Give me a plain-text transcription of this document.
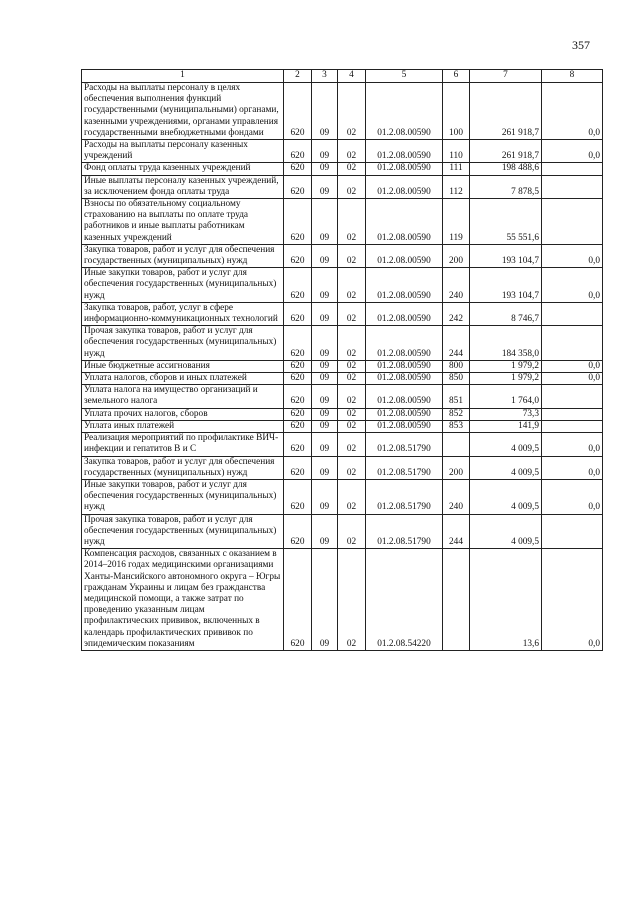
357
1	2	3	4	5	6	7	8

Расходы на выплаты персоналу в целях обеспечения выполнения функций государственными (муниципальными) органами, казенными учреждениями, органами управления государственными внебюджетными фондами	620	09	02	01.2.08.00590	100	261 918,7	0,0

Расходы на выплаты персоналу казенных учреждений	620	09	02	01.2.08.00590	110	261 918,7	0,0

Фонд оплаты труда казенных учреждений	620	09	02	01.2.08.00590	111	198 488,6	

Иные выплаты персоналу казенных учреждений, за исключением фонда оплаты труда	620	09	02	01.2.08.00590	112	7 878,5	

Взносы по обязательному социальному страхованию на выплаты по оплате труда работников и иные выплаты работникам казенных учреждений	620	09	02	01.2.08.00590	119	55 551,6	

Закупка товаров, работ и услуг для обеспечения государственных (муниципальных) нужд	620	09	02	01.2.08.00590	200	193 104,7	0,0

Иные закупки товаров, работ и услуг для обеспечения государственных (муниципальных) нужд	620	09	02	01.2.08.00590	240	193 104,7	0,0

Закупка товаров, работ, услуг в сфере информационно-коммуникационных технологий	620	09	02	01.2.08.00590	242	8 746,7	

Прочая закупка товаров, работ и услуг для обеспечения государственных (муниципальных) нужд	620	09	02	01.2.08.00590	244	184 358,0	

Иные бюджетные ассигнования	620	09	02	01.2.08.00590	800	1 979,2	0,0

Уплата налогов, сборов и иных платежей	620	09	02	01.2.08.00590	850	1 979,2	0,0

Уплата налога на имущество организаций и земельного налога	620	09	02	01.2.08.00590	851	1 764,0	

Уплата прочих налогов, сборов	620	09	02	01.2.08.00590	852	73,3	

Уплата иных платежей	620	09	02	01.2.08.00590	853	141,9	

Реализация мероприятий по профилактике ВИЧ-инфекции и гепатитов В и С	620	09	02	01.2.08.51790		4 009,5	0,0

Закупка товаров, работ и услуг для обеспечения государственных (муниципальных) нужд	620	09	02	01.2.08.51790	200	4 009,5	0,0

Иные закупки товаров, работ и услуг для обеспечения государственных (муниципальных) нужд	620	09	02	01.2.08.51790	240	4 009,5	0,0

Прочая закупка товаров, работ и услуг для обеспечения государственных (муниципальных) нужд	620	09	02	01.2.08.51790	244	4 009,5	

Компенсация расходов, связанных с оказанием в 2014–2016 годах медицинскими организациями Ханты-Мансийского автономного округа – Югры гражданам Украины и лицам без гражданства медицинской помощи, а также затрат по проведению указанным лицам профилактических прививок, включенных в календарь профилактических прививок по эпидемическим показаниям	620	09	02	01.2.08.54220		13,6	0,0
